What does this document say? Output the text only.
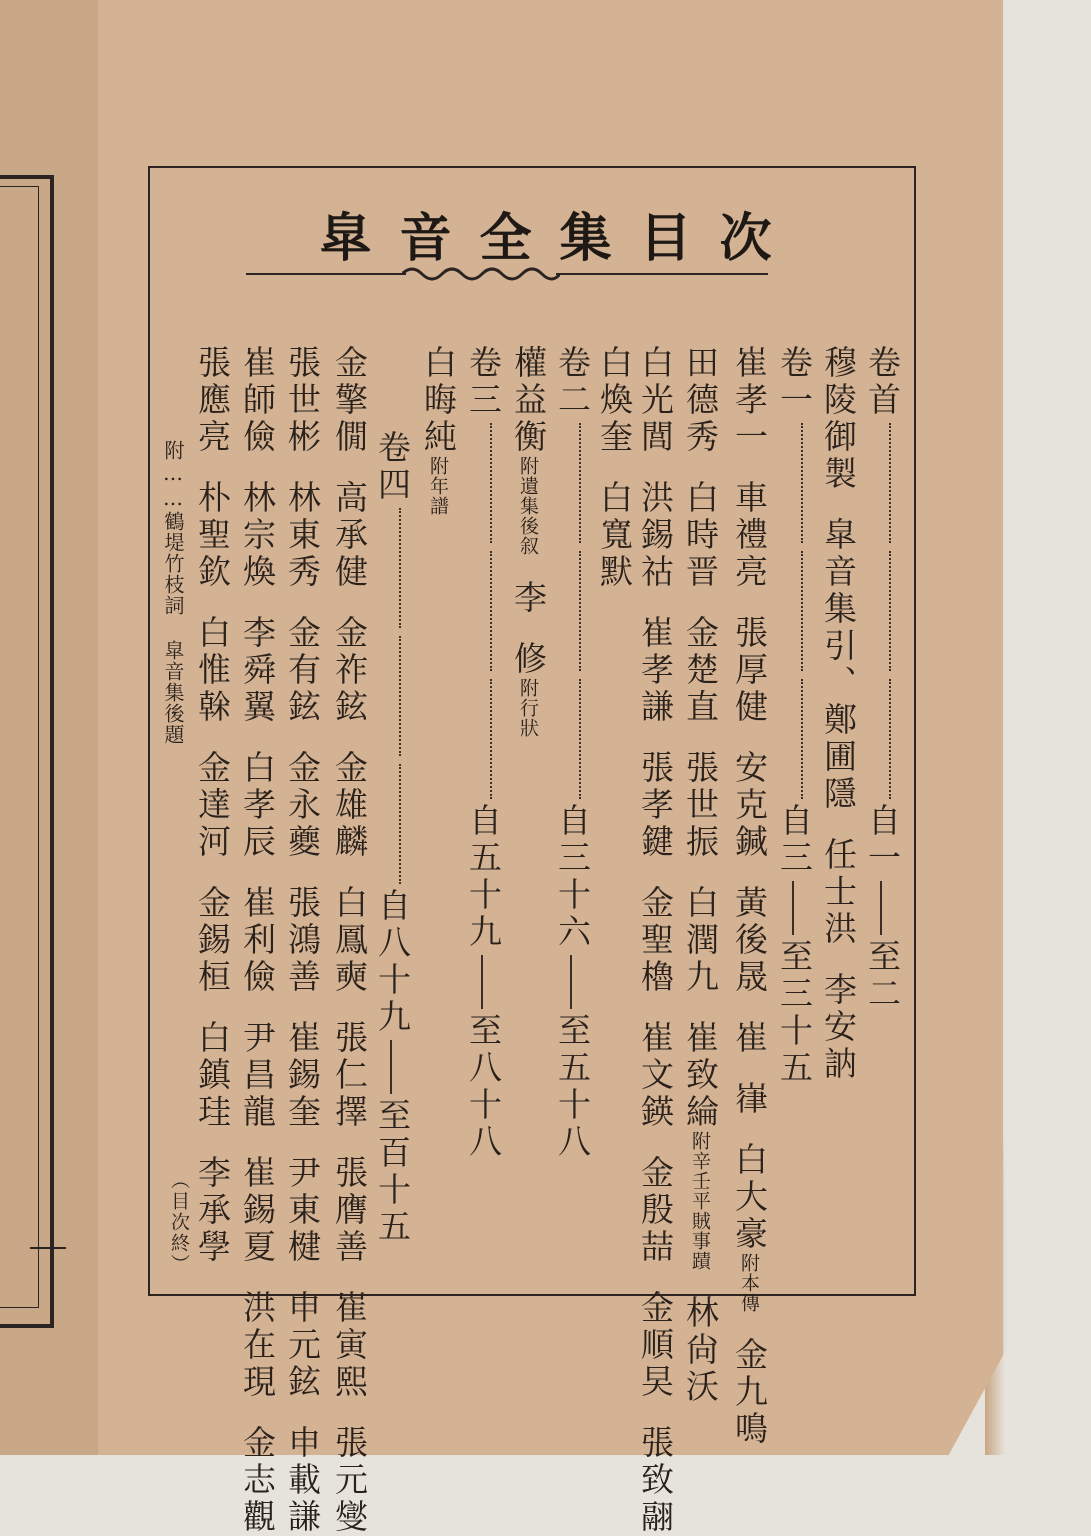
皐音全集目次
卷首自一至二
穆陵御製皐音集引、鄭圃隱任士洪李安訥
卷一自三至三十五
崔孝一車禮亮張厚健安克鍼黃後晟崔嵂白大豪附本傳金九鳴
田德秀白時晋金楚直張世振白潤九崔致綸附辛壬平賊事蹟林尙沃
白光閭洪錫祜崔孝謙張孝鍵金聖櫓崔文鍈金殷喆金順旲張致翮
白煥奎白寬默
卷二自三十六至五十八
權益衡附遺集後叙李修附行狀
卷三自五十九至八十八
白晦純附年譜
卷四自八十九至百十五
金擎僩高承健金祚鉉金雄麟白鳳奭張仁擇張膺善崔寅熙張元燮
張世彬林東秀金有鉉金永夔張鴻善崔錫奎尹東楗申元鉉申載謙
崔師儉林宗煥李舜翼白孝辰崔利儉尹昌龍崔錫夏洪在現金志觀
張應亮朴聖欽白惟榦金達河金錫桓白鎮珪李承學
附……鶴堤竹枝詞皐音集後題
（目次終）
